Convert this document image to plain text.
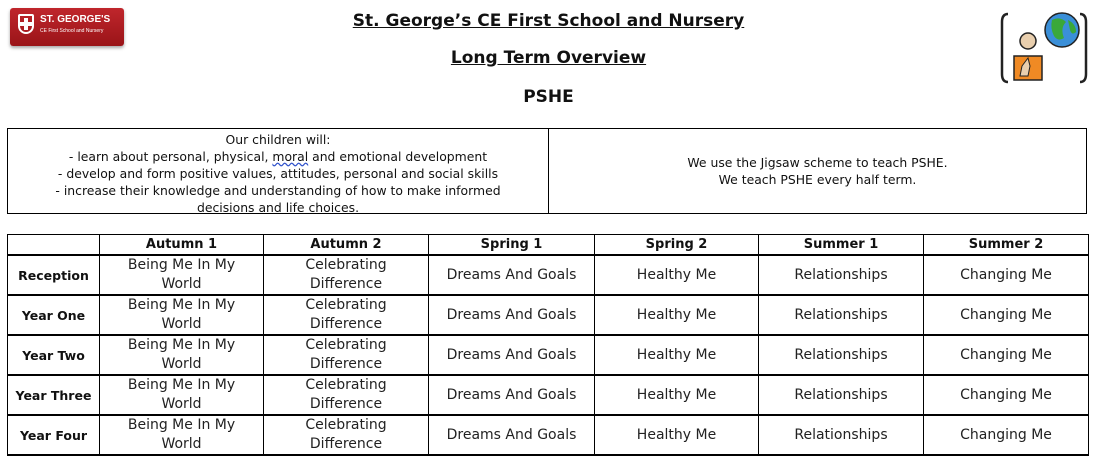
ST. GEORGE'S
CE First School and Nursery	St. George’s CE First School and Nursery
Long Term Overview
PSHE
Our children will:
- learn about personal, physical, moral and emotional development
- develop and form positive values, attitudes, personal and social skills
- increase their knowledge and understanding of how to make informed decisions and life choices.
We use the Jigsaw scheme to teach PSHE.
We teach PSHE every half term.
	Autumn 1	Autumn 2	Spring 1	Spring 2	Summer 1	Summer 2
Reception	Being Me In My World	Celebrating Difference	Dreams And Goals	Healthy Me	Relationships	Changing Me
Year One	Being Me In My World	Celebrating Difference	Dreams And Goals	Healthy Me	Relationships	Changing Me
Year Two	Being Me In My World	Celebrating Difference	Dreams And Goals	Healthy Me	Relationships	Changing Me
Year Three	Being Me In My World	Celebrating Difference	Dreams And Goals	Healthy Me	Relationships	Changing Me
Year Four	Being Me In My World	Celebrating Difference	Dreams And Goals	Healthy Me	Relationships	Changing Me
